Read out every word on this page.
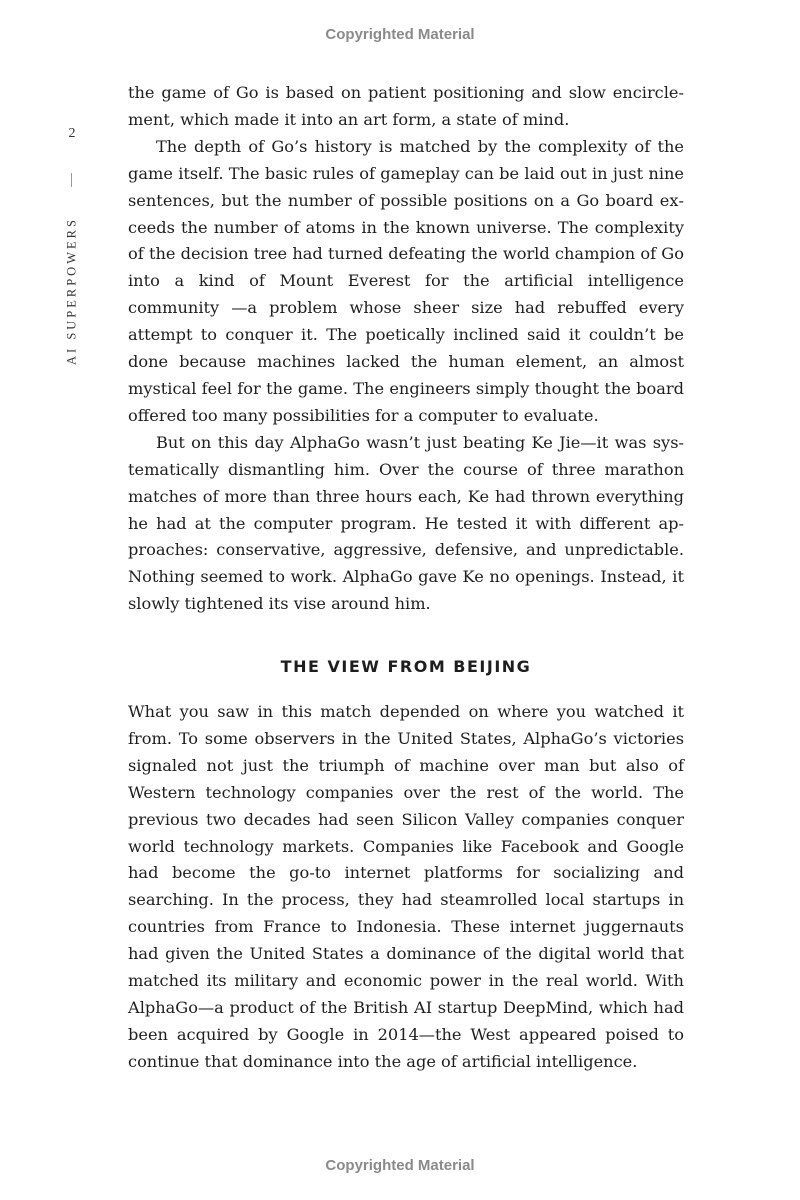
Copyrighted Material
2
AI SUPERPOWERS

the game of Go is based on patient positioning and slow encirclement, which made it into an art form, a state of mind.

The depth of Go’s history is matched by the complexity of the game itself. The basic rules of gameplay can be laid out in just nine sentences, but the number of possible positions on a Go board exceeds the number of atoms in the known universe. The complexity of the decision tree had turned defeating the world champion of Go into a kind of Mount Everest for the artificial intelligence community —a problem whose sheer size had rebuffed every attempt to conquer it. The poetically inclined said it couldn’t be done because machines lacked the human element, an almost mystical feel for the game. The engineers simply thought the board offered too many possibilities for a computer to evaluate.

But on this day AlphaGo wasn’t just beating Ke Jie—it was systematically dismantling him. Over the course of three marathon matches of more than three hours each, Ke had thrown everything he had at the computer program. He tested it with different approaches: conservative, aggressive, defensive, and unpredictable. Nothing seemed to work. AlphaGo gave Ke no openings. Instead, it slowly tightened its vise around him.

THE VIEW FROM BEIJING

What you saw in this match depended on where you watched it from. To some observers in the United States, AlphaGo’s victories signaled not just the triumph of machine over man but also of Western technology companies over the rest of the world. The previous two decades had seen Silicon Valley companies conquer world technology markets. Companies like Facebook and Google had become the go-to internet platforms for socializing and searching. In the process, they had steamrolled local startups in countries from France to Indonesia. These internet juggernauts had given the United States a dominance of the digital world that matched its military and economic power in the real world. With AlphaGo—a product of the British AI startup DeepMind, which had been acquired by Google in 2014—the West appeared poised to continue that dominance into the age of artificial intelligence.

Copyrighted Material
